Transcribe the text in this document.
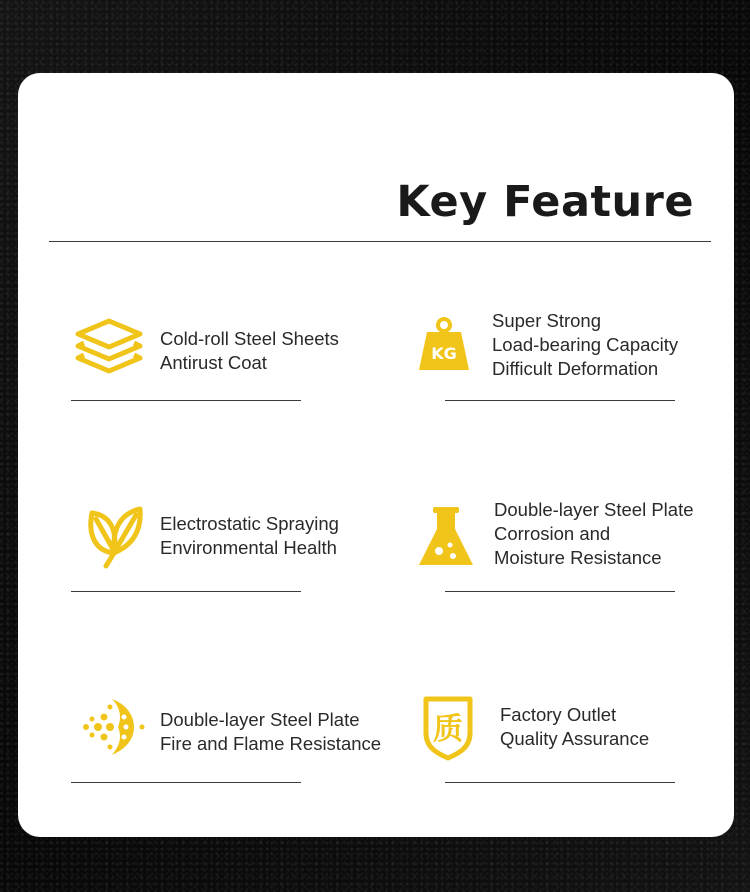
Key Feature
Cold-roll Steel Sheets
Antirust Coat	KG
Super Strong
Load-bearing Capacity
Difficult Deformation
Electrostatic Spraying
Environmental Health
Double-layer Steel Plate
Corrosion and
Moisture Resistance
Double-layer Steel Plate
Fire and Flame Resistance 质 Factory Outlet
Quality Assurance
